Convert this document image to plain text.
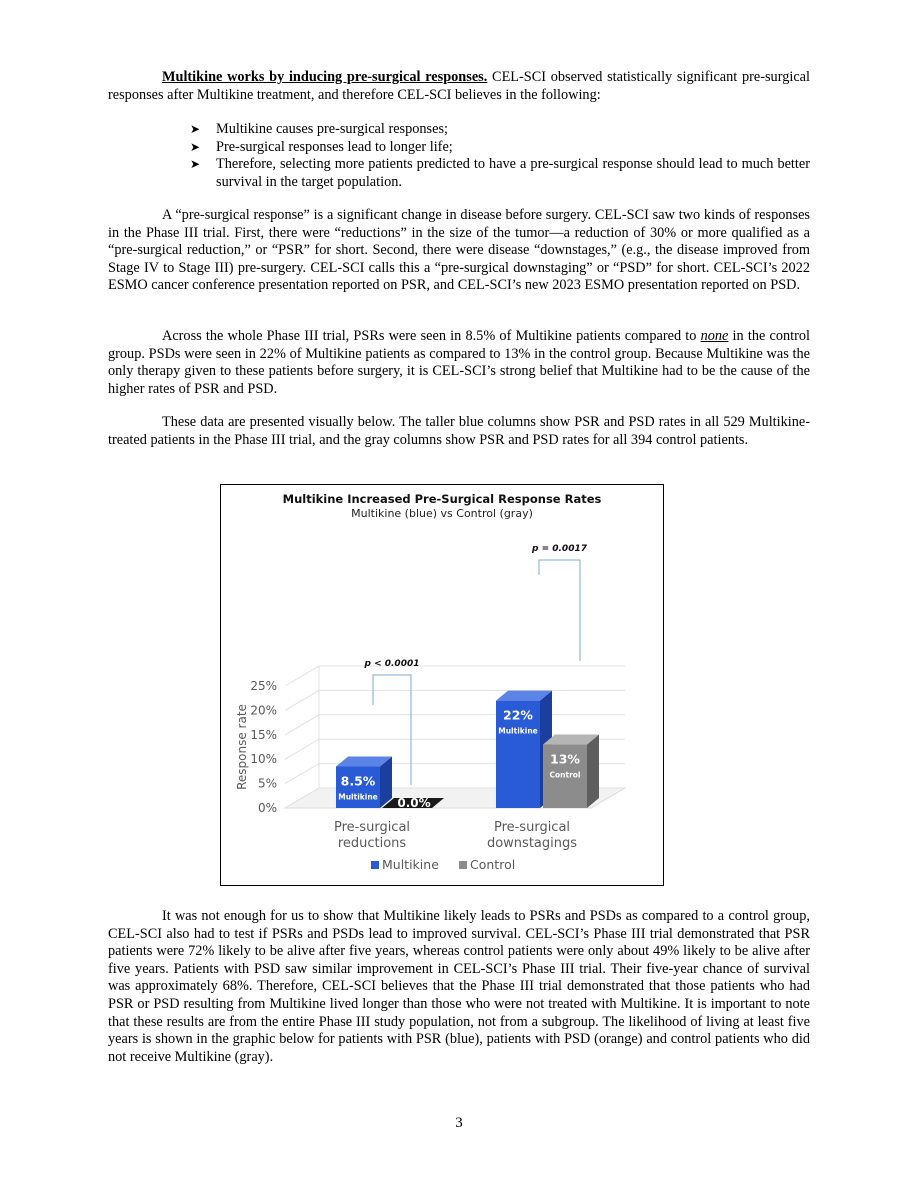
Multikine works by inducing pre-surgical responses. CEL-SCI observed statistically significant pre-surgical responses after Multikine treatment, and therefore CEL-SCI believes in the following:

➤ Multikine causes pre-surgical responses;
➤ Pre-surgical responses lead to longer life;
➤ Therefore, selecting more patients predicted to have a pre-surgical response should lead to much better survival in the target population.

A “pre-surgical response” is a significant change in disease before surgery. CEL-SCI saw two kinds of responses in the Phase III trial. First, there were “reductions” in the size of the tumor—a reduction of 30% or more qualified as a “pre-surgical reduction,” or “PSR” for short. Second, there were disease “downstages,” (e.g., the disease improved from Stage IV to Stage III) pre-surgery. CEL-SCI calls this a “pre-surgical downstaging” or “PSD” for short. CEL-SCI’s 2022 ESMO cancer conference presentation reported on PSR, and CEL-SCI’s new 2023 ESMO presentation reported on PSD.

Across the whole Phase III trial, PSRs were seen in 8.5% of Multikine patients compared to none in the control group. PSDs were seen in 22% of Multikine patients as compared to 13% in the control group. Because Multikine was the only therapy given to these patients before surgery, it is CEL-SCI’s strong belief that Multikine had to be the cause of the higher rates of PSR and PSD.

These data are presented visually below. The taller blue columns show PSR and PSD rates in all 529 Multikine-treated patients in the Phase III trial, and the gray columns show PSR and PSD rates for all 394 control patients.

Multikine Increased Pre-Surgical Response Rates
Multikine (blue) vs Control (gray)
0%
5%
10%
15%
20%
25%
Response rate	8.5%
Multikine
22%
Multikine
0.0%
13%
Control
p < 0.0001
p = 0.0017
Pre-surgical
reductions
Pre-surgical
downstagings
Multikine Control

It was not enough for us to show that Multikine likely leads to PSRs and PSDs as compared to a control group, CEL-SCI also had to test if PSRs and PSDs lead to improved survival. CEL-SCI’s Phase III trial demonstrated that PSR patients were 72% likely to be alive after five years, whereas control patients were only about 49% likely to be alive after five years. Patients with PSD saw similar improvement in CEL-SCI’s Phase III trial. Their five-year chance of survival was approximately 68%. Therefore, CEL-SCI believes that the Phase III trial demonstrated that those patients who had PSR or PSD resulting from Multikine lived longer than those who were not treated with Multikine. It is important to note that these results are from the entire Phase III study population, not from a subgroup. The likelihood of living at least five years is shown in the graphic below for patients with PSR (blue), patients with PSD (orange) and control patients who did not receive Multikine (gray).

3
